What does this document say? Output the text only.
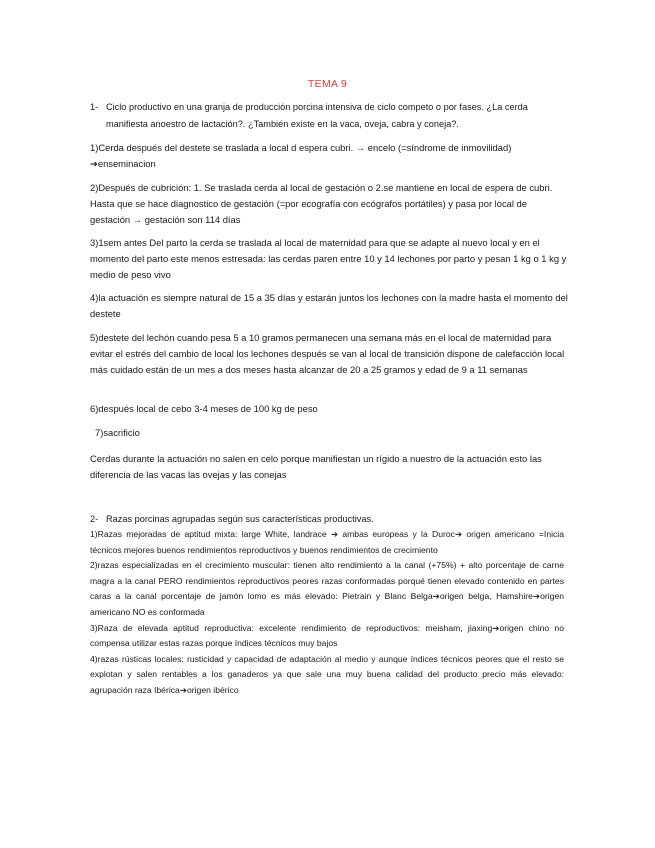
TEMA 9
1- Ciclo productivo en una granja de producción porcina intensiva de ciclo competo o por fases. ¿La cerda manifiesta anoestro de lactación?. ¿También existe en la vaca, oveja, cabra y coneja?.
1)Cerda después del destete se traslada a local d espera cubri. → encelo (=síndrome de inmovilidad) ➔enseminacion
2)Después de cubrición: 1. Se traslada cerda al local de gestación o 2.se mantiene en local de espera de cubri. Hasta que se hace diagnostico de gestación (=por ecografía con ecógrafos portátiles) y pasa por local de gestación → gestación son 114 días
3)1sem antes Del parto la cerda se traslada al local de maternidad para que se adapte al nuevo local y en el momento del parto este menos estresada: las cerdas paren entre 10 y 14 lechones por parto y pesan 1 kg o 1 kg y medio de peso vivo
4)la actuación es siempre natural de 15 a 35 días y estarán juntos los lechones con la madre hasta el momento del destete
5)destete del lechón cuando pesa 5 a 10 gramos permanecen una semana más en el local de maternidad para evitar el estrés del cambio de local los lechones después se van al local de transición dispone de calefacción local más cuidado están de un mes a dos meses hasta alcanzar de 20 a 25 gramos y edad de 9 a 11 semanas
6)después local de cebo 3-4 meses de 100 kg de peso
7)sacrificio
Cerdas durante la actuación no salen en celo porque manifiestan un rígido a nuestro de la actuación esto las diferencia de las vacas las ovejas y las conejas
2- Razas porcinas agrupadas según sus características productivas.
1)Razas mejoradas de aptitud mixta: large White, landrace ➔ ambas europeas y la Duroc➔ origen americano =Inicia técnicos mejores buenos rendimientos reproductivos y buenos rendimientos de crecimiento
2)razas especializadas en el crecimiento muscular: tienen alto rendimiento a la canal (+75%) + alto porcentaje de carne magra a la canal PERO rendimientos reproductivos peores razas conformadas porqué tienen elevado contenido en partes caras a la canal porcentaje de jamón lomo es más elevado: Pietrain y Blanc Belga➔origen belga, Hamshire➔origen americano NO es conformada
3)Raza de elevada aptitud reproductiva: excelente rendimiento de reproductivos: meisham, jiaxing➔origen chino no compensa utilizar estas razas porque índices técnicos muy bajos
4)razas rústicas locales: rusticidad y capacidad de adaptación al medio y aunque índices técnicos peores que el resto se explotan y salen rentables a los ganaderos ya que sale una muy buena calidad del producto precio más elevado: agrupación raza Ibérica➔origen ibérico
